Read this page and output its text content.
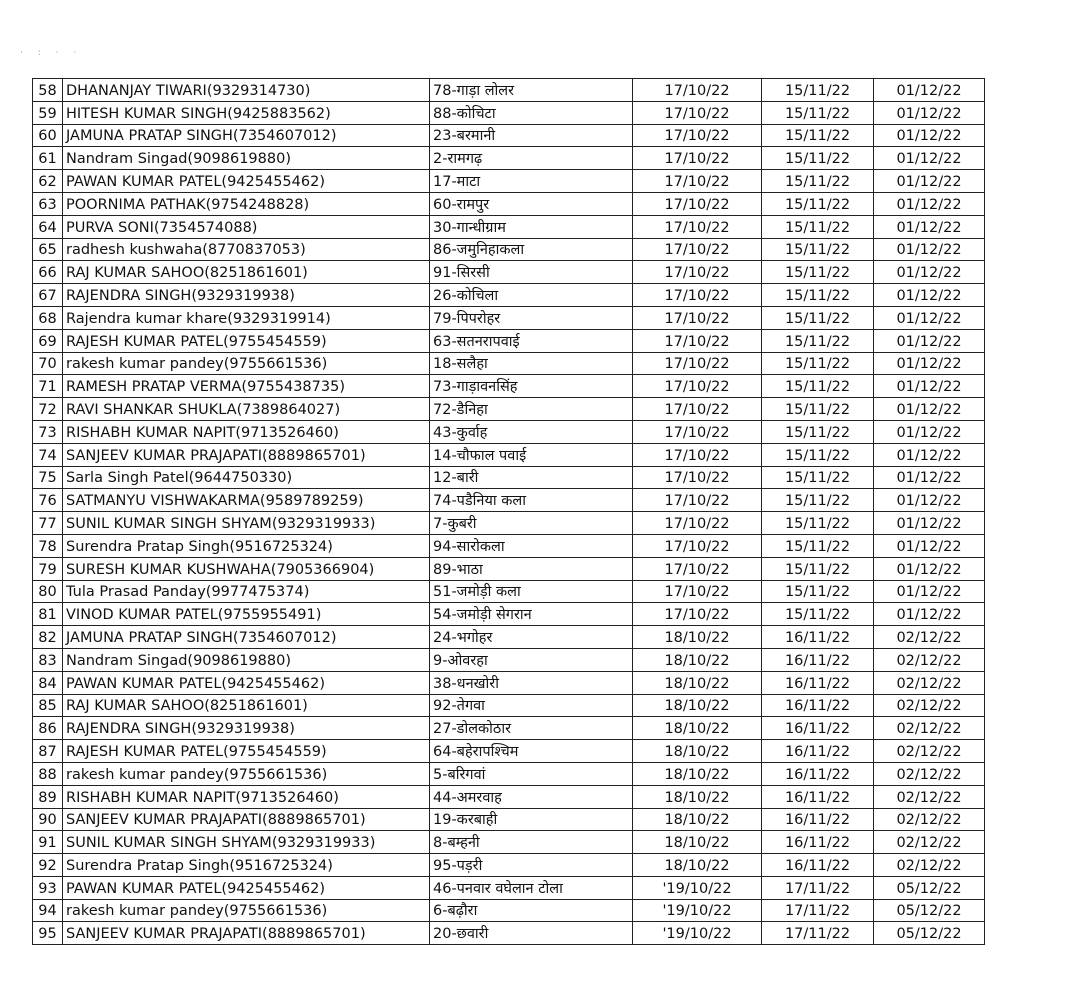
· : · ·
58	DHANANJAY TIWARI(9329314730)	78-गाड़ा लोलर	17/10/22	15/11/22	01/12/22
59	HITESH KUMAR SINGH(9425883562)	88-कोचिटा	17/10/22	15/11/22	01/12/22
60	JAMUNA PRATAP SINGH(7354607012)	23-बरमानी	17/10/22	15/11/22	01/12/22
61	Nandram Singad(9098619880)	2-रामगढ़	17/10/22	15/11/22	01/12/22
62	PAWAN KUMAR PATEL(9425455462)	17-माटा	17/10/22	15/11/22	01/12/22
63	POORNIMA PATHAK(9754248828)	60-रामपुर	17/10/22	15/11/22	01/12/22
64	PURVA SONI(7354574088)	30-गान्धीग्राम	17/10/22	15/11/22	01/12/22
65	radhesh kushwaha(8770837053)	86-जमुनिहाकला	17/10/22	15/11/22	01/12/22
66	RAJ KUMAR SAHOO(8251861601)	91-सिरसी	17/10/22	15/11/22	01/12/22
67	RAJENDRA SINGH(9329319938)	26-कोचिला	17/10/22	15/11/22	01/12/22
68	Rajendra kumar khare(9329319914)	79-पिपरोहर	17/10/22	15/11/22	01/12/22
69	RAJESH KUMAR PATEL(9755454559)	63-सतनरापवाई	17/10/22	15/11/22	01/12/22
70	rakesh kumar pandey(9755661536)	18-सलैहा	17/10/22	15/11/22	01/12/22
71	RAMESH PRATAP VERMA(9755438735)	73-गाड़ावनसिंह	17/10/22	15/11/22	01/12/22
72	RAVI SHANKAR SHUKLA(7389864027)	72-डैनिहा	17/10/22	15/11/22	01/12/22
73	RISHABH KUMAR NAPIT(9713526460)	43-कुर्वाह	17/10/22	15/11/22	01/12/22
74	SANJEEV KUMAR PRAJAPATI(8889865701)	14-चौफाल पवाई	17/10/22	15/11/22	01/12/22
75	Sarla Singh Patel(9644750330)	12-बारी	17/10/22	15/11/22	01/12/22
76	SATMANYU VISHWAKARMA(9589789259)	74-पडैनिया कला	17/10/22	15/11/22	01/12/22
77	SUNIL KUMAR SINGH SHYAM(9329319933)	7-कुबरी	17/10/22	15/11/22	01/12/22
78	Surendra Pratap Singh(9516725324)	94-सारोकला	17/10/22	15/11/22	01/12/22
79	SURESH KUMAR KUSHWAHA(7905366904)	89-भाठा	17/10/22	15/11/22	01/12/22
80	Tula Prasad Panday(9977475374)	51-जमोड़ी कला	17/10/22	15/11/22	01/12/22
81	VINOD KUMAR PATEL(9755955491)	54-जमोड़ी सेगरान	17/10/22	15/11/22	01/12/22
82	JAMUNA PRATAP SINGH(7354607012)	24-भगोहर	18/10/22	16/11/22	02/12/22
83	Nandram Singad(9098619880)	9-ओवरहा	18/10/22	16/11/22	02/12/22
84	PAWAN KUMAR PATEL(9425455462)	38-धनखोरी	18/10/22	16/11/22	02/12/22
85	RAJ KUMAR SAHOO(8251861601)	92-तेगवा	18/10/22	16/11/22	02/12/22
86	RAJENDRA SINGH(9329319938)	27-डोलकोठार	18/10/22	16/11/22	02/12/22
87	RAJESH KUMAR PATEL(9755454559)	64-बहेरापश्चिम	18/10/22	16/11/22	02/12/22
88	rakesh kumar pandey(9755661536)	5-बरिगवां	18/10/22	16/11/22	02/12/22
89	RISHABH KUMAR NAPIT(9713526460)	44-अमरवाह	18/10/22	16/11/22	02/12/22
90	SANJEEV KUMAR PRAJAPATI(8889865701)	19-करबाही	18/10/22	16/11/22	02/12/22
91	SUNIL KUMAR SINGH SHYAM(9329319933)	8-बम्हनी	18/10/22	16/11/22	02/12/22
92	Surendra Pratap Singh(9516725324)	95-पड़री	18/10/22	16/11/22	02/12/22
93	PAWAN KUMAR PATEL(9425455462)	46-पनवार वघेलान टोला	'19/10/22	17/11/22	05/12/22
94	rakesh kumar pandey(9755661536)	6-बढ़ौरा	'19/10/22	17/11/22	05/12/22
95	SANJEEV KUMAR PRAJAPATI(8889865701)	20-छवारी	'19/10/22	17/11/22	05/12/22
